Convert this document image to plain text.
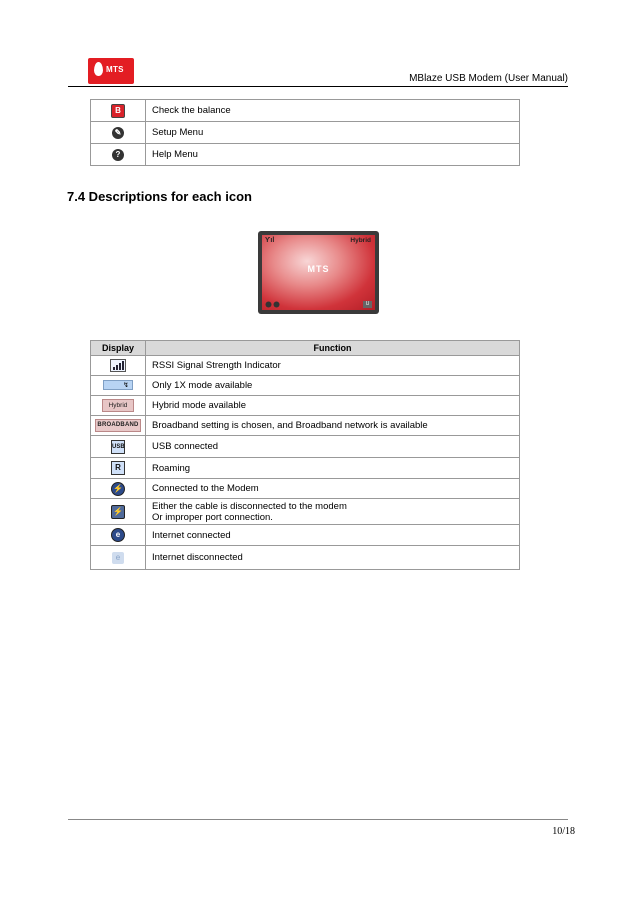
MTS
MBlaze USB Modem (User Manual)
B	Check the balance
✎	Setup Menu
?	Help Menu
7.4 Descriptions for each icon
Ƴıl	Hybrid
MTS
U
Display	Function

	RSSI Signal Strength Indicator
↯	Only 1X mode available
Hybrid	Hybrid mode available
BROADBAND	Broadband setting is chosen, and Broadband network is available
USB	USB connected
R	Roaming
⚡	Connected to the Modem
⚡	Either the cable is disconnected to the modem
Or improper port connection.

e	Internet connected
e	Internet disconnected
10/18
